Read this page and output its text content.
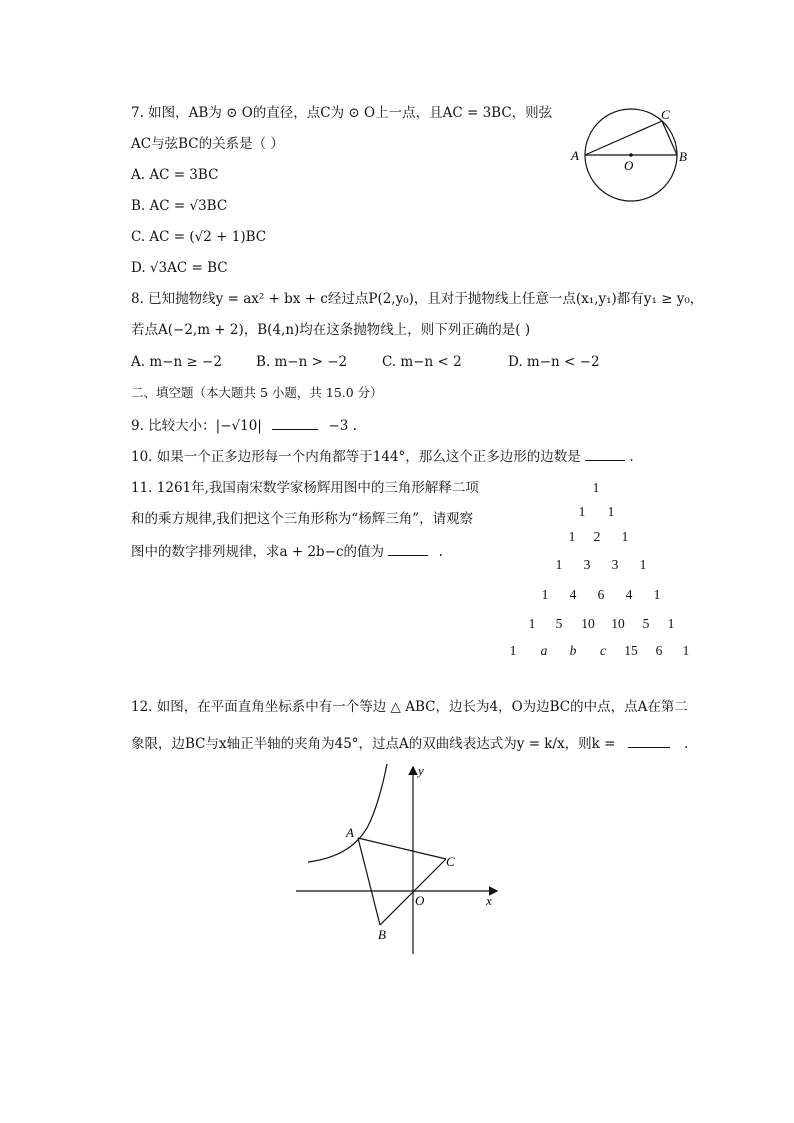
7. 如图，AB为 ⊙ O的直径，点C为 ⊙ O上一点，且AC = 3BC，则弦
AC与弦BC的关系是（ ）
A. AC = 3BC
B. AC = √3BC
C. AC = (√2 + 1)BC
D. √3AC = BC
A
O
B
C
8. 已知抛物线y = ax² + bx + c经过点P(2,y₀)，且对于抛物线上任意一点(x₁,y₁)都有y₁ ≥ y₀，
若点A(−2,m + 2)，B(4,n)均在这条抛物线上，则下列正确的是( )
A. m−n ≥ −2	B. m−n > −2	C. m−n < 2	D. m−n < −2
二、填空题（本大题共 5 小题，共 15.0 分）
9. 比较大小：|−√10|	−3 .
10. 如果一个正多边形每一个内角都等于144°，那么这个正多边形的边数是	.
11. 1261年,我国南宋数学家杨辉用图中的三角形解释二项
和的乘方规律,我们把这个三角形称为“杨辉三角”，请观察
图中的数字排列规律，求a + 2b−c的值为	.
1
1 1
1 2 1
1 3 3 1
1 4 6 4 1
1 5 10 10 5 1
1 a b c 15 6 1
12. 如图，在平面直角坐标系中有一个等边 △ ABC，边长为4，O为边BC的中点，点A在第二
象限，边BC与x轴正半轴的夹角为45°，过点A的双曲线表达式为y = k/x，则k =	.
y
A
C
O	x
B
